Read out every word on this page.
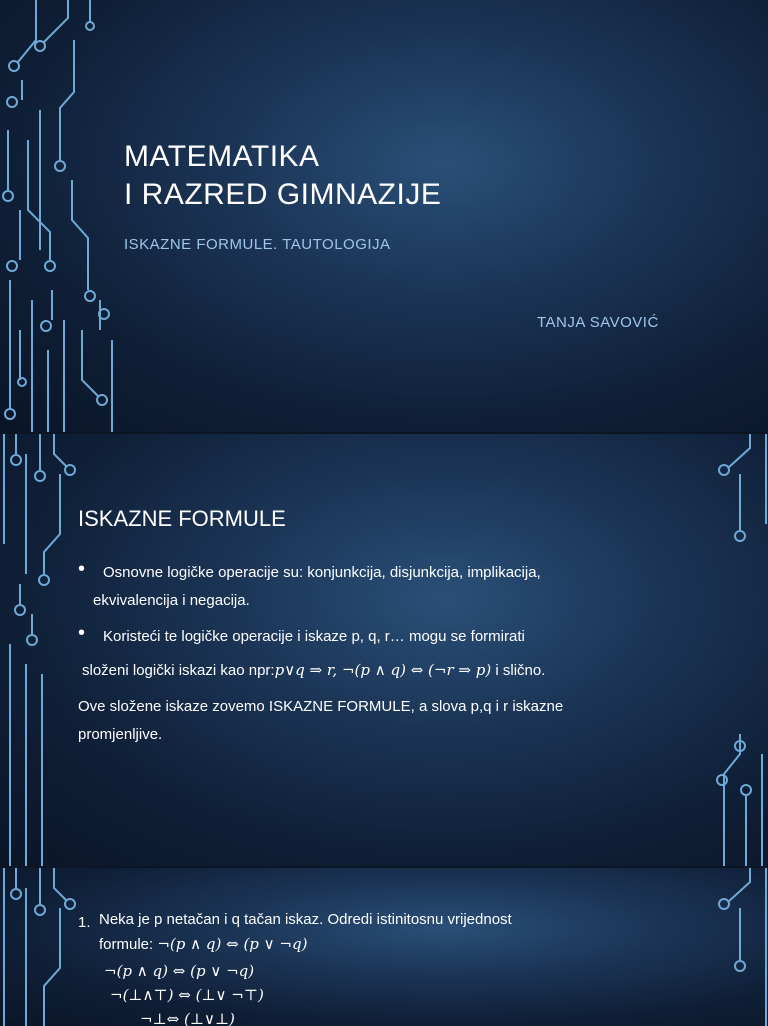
MATEMATIKA
I RAZRED GIMNAZIJE
ISKAZNE FORMULE. TAUTOLOGIJA
TANJA SAVOVIĆ
ISKAZNE FORMULE
• Osnovne logičke operacije su: konjunkcija, disjunkcija, implikacija,
ekvivalencija i negacija.
• Koristeći te logičke operacije i iskaze p, q, r… mogu se formirati
složeni logički iskazi kao npr:p∨q ⇒ r, ¬(p ∧ q) ⇔ (¬r ⇒ p) i slično.
Ove složene iskaze zovemo ISKAZNE FORMULE, a slova p,q i r iskazne
promjenljive.
1. Neka je p netačan i q tačan iskaz. Odredi istinitosnu vrijednost
formule: ¬(p ∧ q) ⇔ (p ∨ ¬q)
¬(p ∧ q) ⇔ (p ∨ ¬q)
¬(⊥∧⊤) ⇔ (⊥∨ ¬⊤)
¬⊥⇔ (⊥∨⊥)
